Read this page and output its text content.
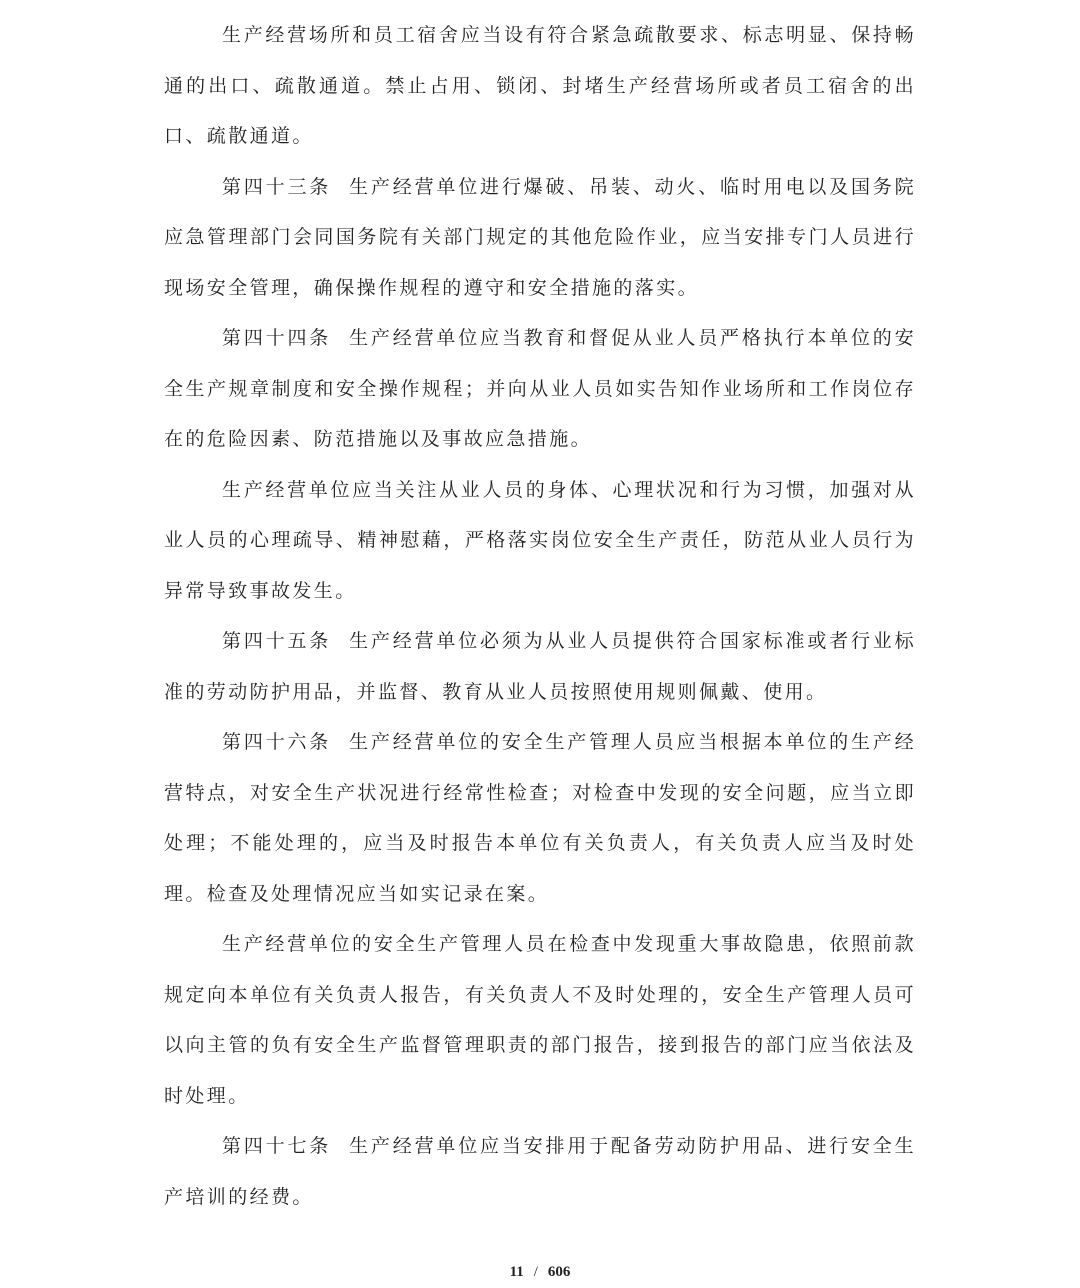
生产经营场所和员工宿舍应当设有符合紧急疏散要求、标志明显、保持畅通的出口、疏散通道。禁止占用、锁闭、封堵生产经营场所或者员工宿舍的出口、疏散通道。

第四十三条 生产经营单位进行爆破、吊装、动火、临时用电以及国务院应急管理部门会同国务院有关部门规定的其他危险作业，应当安排专门人员进行现场安全管理，确保操作规程的遵守和安全措施的落实。

第四十四条 生产经营单位应当教育和督促从业人员严格执行本单位的安全生产规章制度和安全操作规程；并向从业人员如实告知作业场所和工作岗位存在的危险因素、防范措施以及事故应急措施。

生产经营单位应当关注从业人员的身体、心理状况和行为习惯，加强对从业人员的心理疏导、精神慰藉，严格落实岗位安全生产责任，防范从业人员行为异常导致事故发生。

第四十五条 生产经营单位必须为从业人员提供符合国家标准或者行业标准的劳动防护用品，并监督、教育从业人员按照使用规则佩戴、使用。

第四十六条 生产经营单位的安全生产管理人员应当根据本单位的生产经营特点，对安全生产状况进行经常性检查；对检查中发现的安全问题，应当立即处理；不能处理的，应当及时报告本单位有关负责人，有关负责人应当及时处理。检查及处理情况应当如实记录在案。

生产经营单位的安全生产管理人员在检查中发现重大事故隐患，依照前款规定向本单位有关负责人报告，有关负责人不及时处理的，安全生产管理人员可以向主管的负有安全生产监督管理职责的部门报告，接到报告的部门应当依法及时处理。

第四十七条 生产经营单位应当安排用于配备劳动防护用品、进行安全生产培训的经费。

11 / 606
